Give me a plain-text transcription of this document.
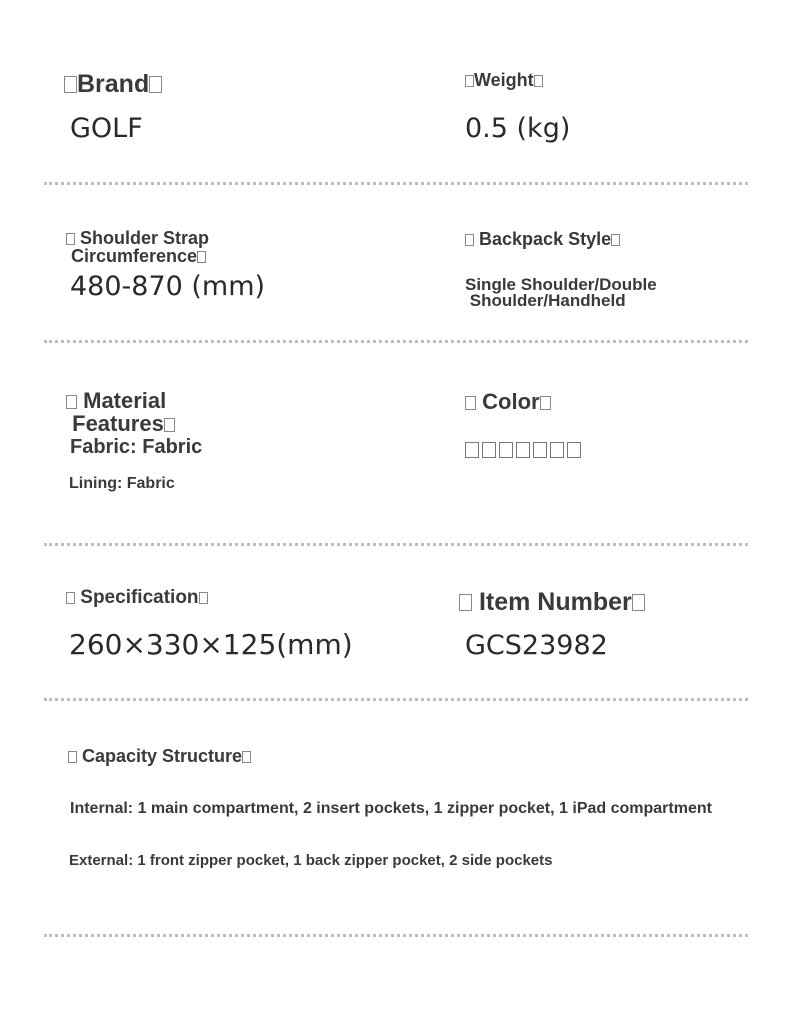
Brand
GOLF
Weight
0.5 (kg)
Shoulder Strap
Circumference
480-870 (mm)
Backpack Style
Single Shoulder/Double
Shoulder/Handheld
Material
Features
Fabric: Fabric
Lining: Fabric
Color
Specification
260×330×125(mm)
Item Number
GCS23982
Capacity Structure
Internal: 1 main compartment, 2 insert pockets, 1 zipper pocket, 1 iPad compartment
External: 1 front zipper pocket, 1 back zipper pocket, 2 side pockets
